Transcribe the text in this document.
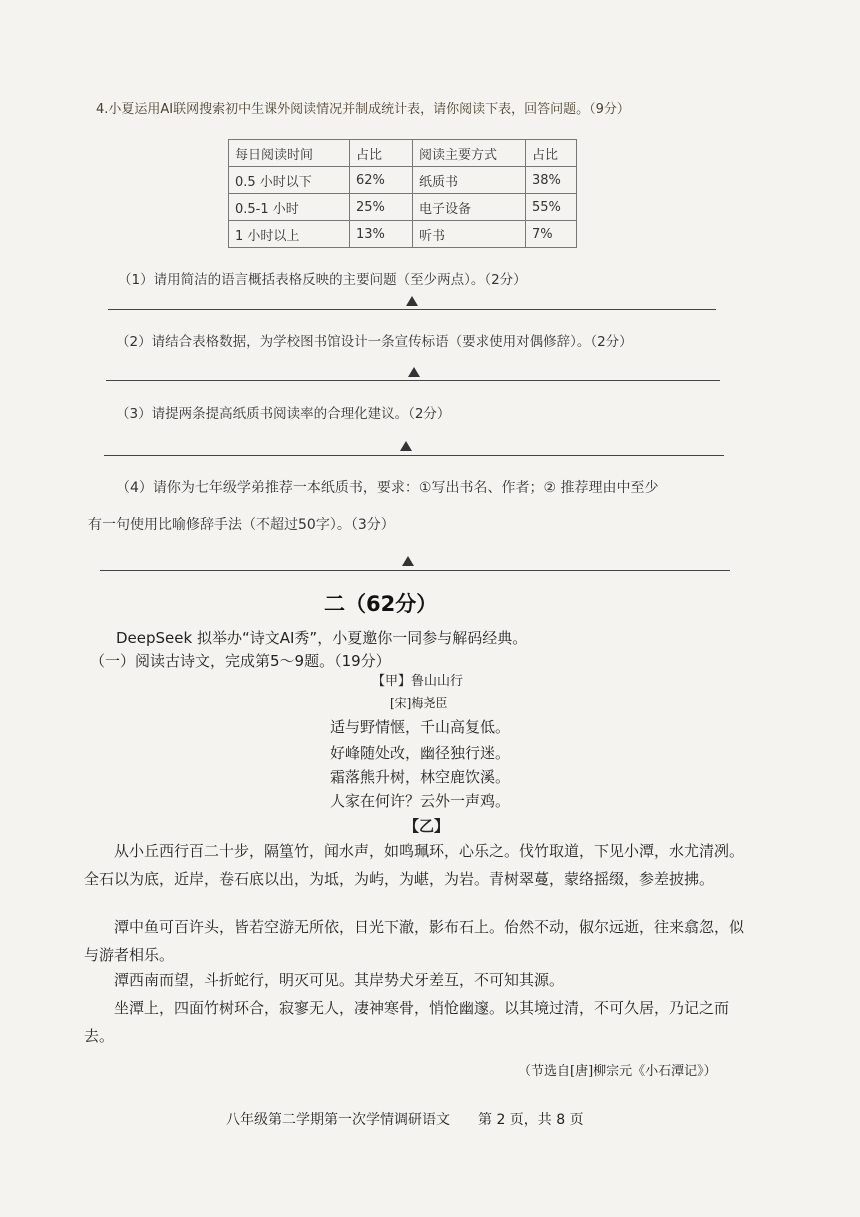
4.小夏运用AI联网搜索初中生课外阅读情况并制成统计表，请你阅读下表，回答问题。（9分）
每日阅读时间	占比	阅读主要方式	占比
0.5 小时以下	62%	纸质书	38%
0.5-1 小时	25%	电子设备	55%
1 小时以上	13%	听书	7%
（1）请用简洁的语言概括表格反映的主要问题（至少两点）。（2分）
（2）请结合表格数据，为学校图书馆设计一条宣传标语（要求使用对偶修辞）。（2分）
（3）请提两条提高纸质书阅读率的合理化建议。（2分）
（4）请你为七年级学弟推荐一本纸质书，要求：①写出书名、作者；② 推荐理由中至少
有一句使用比喻修辞手法（不超过50字）。（3分）
二（62分）
DeepSeek 拟举办“诗文AI秀”，小夏邀你一同参与解码经典。
（一）阅读古诗文，完成第5～9题。（19分）
【甲】鲁山山行
[宋]梅尧臣
适与野情惬，千山高复低。
好峰随处改，幽径独行迷。
霜落熊升树，林空鹿饮溪。
人家在何许？云外一声鸡。
【乙】
从小丘西行百二十步，隔篁竹，闻水声，如鸣珮环，心乐之。伐竹取道，下见小潭，水尤清冽。全石以为底，近岸，卷石底以出，为坻，为屿，为嵁，为岩。青树翠蔓，蒙络摇缀，参差披拂。
潭中鱼可百许头，皆若空游无所依，日光下澈，影布石上。佁然不动，俶尔远逝，往来翕忽，似与游者相乐。
潭西南而望，斗折蛇行，明灭可见。其岸势犬牙差互，不可知其源。
坐潭上，四面竹树环合，寂寥无人，凄神寒骨，悄怆幽邃。以其境过清，不可久居，乃记之而去。
（节选自[唐]柳宗元《小石潭记》）
八年级第二学期第一次学情调研语文　　第 2 页，共 8 页
